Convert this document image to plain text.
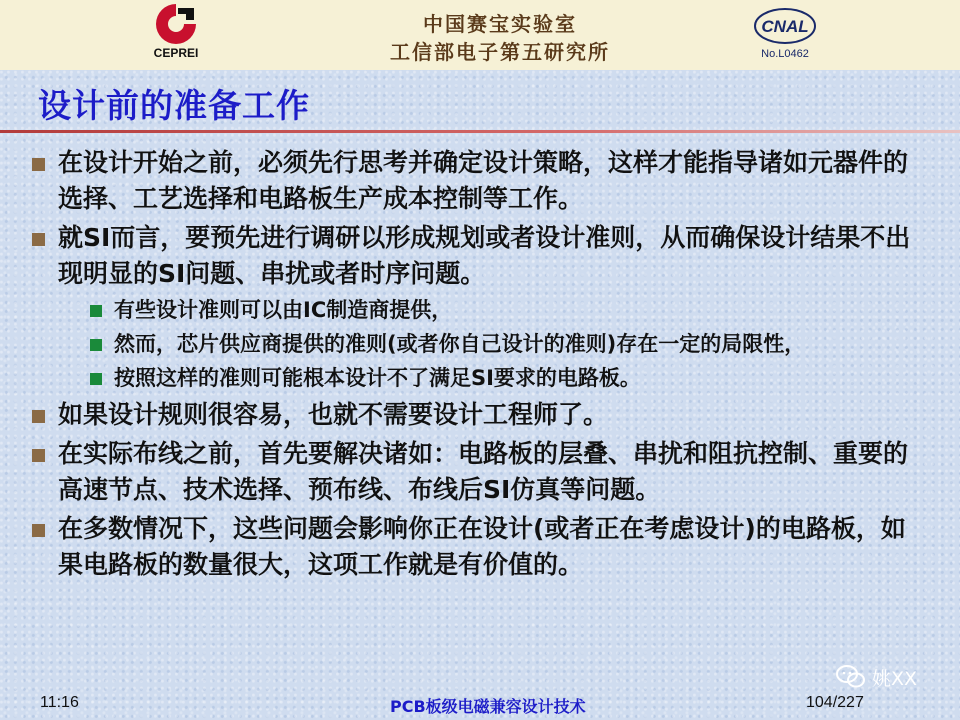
CEPREI
中国赛宝实验室
工信部电子第五研究所
CNAL
No.L0462
设计前的准备工作
在设计开始之前，必须先行思考并确定设计策略，这样才能指导诸如元器件的选择、工艺选择和电路板生产成本控制等工作。
就SI而言，要预先进行调研以形成规划或者设计准则，从而确保设计结果不出现明显的SI问题、串扰或者时序问题。
有些设计准则可以由IC制造商提供，
然而，芯片供应商提供的准则(或者你自己设计的准则)存在一定的局限性，
按照这样的准则可能根本设计不了满足SI要求的电路板。
如果设计规则很容易，也就不需要设计工程师了。
在实际布线之前，首先要解决诸如：电路板的层叠、串扰和阻抗控制、重要的高速节点、技术选择、预布线、布线后SI仿真等问题。
在多数情况下，这些问题会影响你正在设计(或者正在考虑设计)的电路板，如果电路板的数量很大，这项工作就是有价值的。
11:16	PCB板级电磁兼容设计技术	104/227
姚XX
